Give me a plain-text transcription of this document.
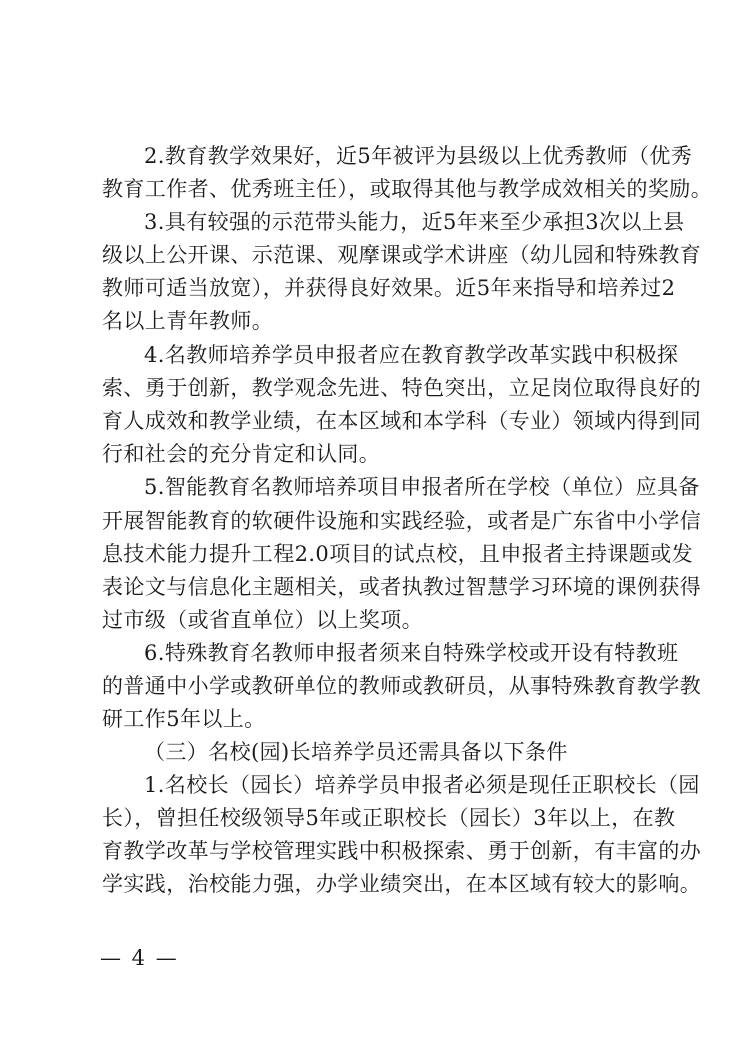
2.教育教学效果好，近5年被评为县级以上优秀教师（优秀
教育工作者、优秀班主任），或取得其他与教学成效相关的奖励。
3.具有较强的示范带头能力，近5年来至少承担3次以上县
级以上公开课、示范课、观摩课或学术讲座（幼儿园和特殊教育
教师可适当放宽），并获得良好效果。近5年来指导和培养过2
名以上青年教师。
4.名教师培养学员申报者应在教育教学改革实践中积极探
索、勇于创新，教学观念先进、特色突出，立足岗位取得良好的
育人成效和教学业绩，在本区域和本学科（专业）领域内得到同
行和社会的充分肯定和认同。
5.智能教育名教师培养项目申报者所在学校（单位）应具备
开展智能教育的软硬件设施和实践经验，或者是广东省中小学信
息技术能力提升工程2.0项目的试点校，且申报者主持课题或发
表论文与信息化主题相关，或者执教过智慧学习环境的课例获得
过市级（或省直单位）以上奖项。
6.特殊教育名教师申报者须来自特殊学校或开设有特教班
的普通中小学或教研单位的教师或教研员，从事特殊教育教学教
研工作5年以上。
（三）名校(园)长培养学员还需具备以下条件
1.名校长（园长）培养学员申报者必须是现任正职校长（园
长），曾担任校级领导5年或正职校长（园长）3年以上，在教
育教学改革与学校管理实践中积极探索、勇于创新，有丰富的办
学实践，治校能力强，办学业绩突出，在本区域有较大的影响。
— 4 —
